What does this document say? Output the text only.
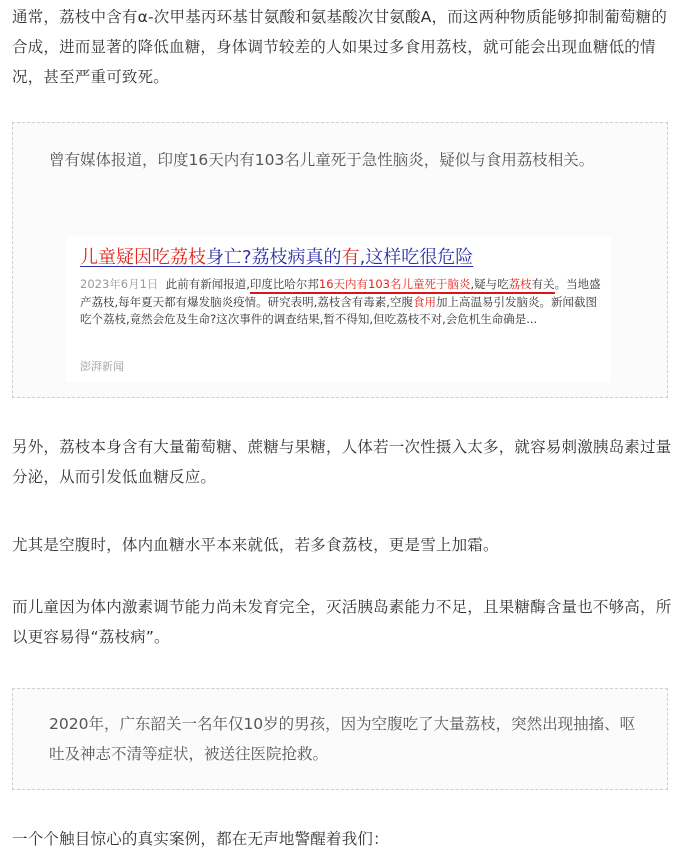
通常，荔枝中含有α-次甲基丙环基甘氨酸和氨基酸次甘氨酸A，而这两种物质能够抑制葡萄糖的合成，进而显著的降低血糖，身体调节较差的人如果过多食用荔枝，就可能会出现血糖低的情况，甚至严重可致死。

曾有媒体报道，印度16天内有103名儿童死于急性脑炎，疑似与食用荔枝相关。

儿童疑因吃荔枝身亡?荔枝病真的有,这样吃很危险

2023年6月1日 此前有新闻报道,印度比哈尔邦16天内有103名儿童死于脑炎,疑与吃荔枝有关。当地盛产荔枝,每年夏天都有爆发脑炎疫情。研究表明,荔枝含有毒素,空腹食用加上高温易引发脑炎。新闻截图 吃个荔枝,竟然会危及生命?这次事件的调查结果,暂不得知,但吃荔枝不对,会危机生命确是...

澎湃新闻

另外，荔枝本身含有大量葡萄糖、蔗糖与果糖，人体若一次性摄入太多，就容易刺激胰岛素过量分泌，从而引发低血糖反应。

尤其是空腹时，体内血糖水平本来就低，若多食荔枝，更是雪上加霜。

而儿童因为体内激素调节能力尚未发育完全，灭活胰岛素能力不足，且果糖酶含量也不够高，所以更容易得“荔枝病”。

2020年，广东韶关一名年仅10岁的男孩，因为空腹吃了大量荔枝，突然出现抽搐、呕吐及神志不清等症状，被送往医院抢救。

一个个触目惊心的真实案例，都在无声地警醒着我们：
